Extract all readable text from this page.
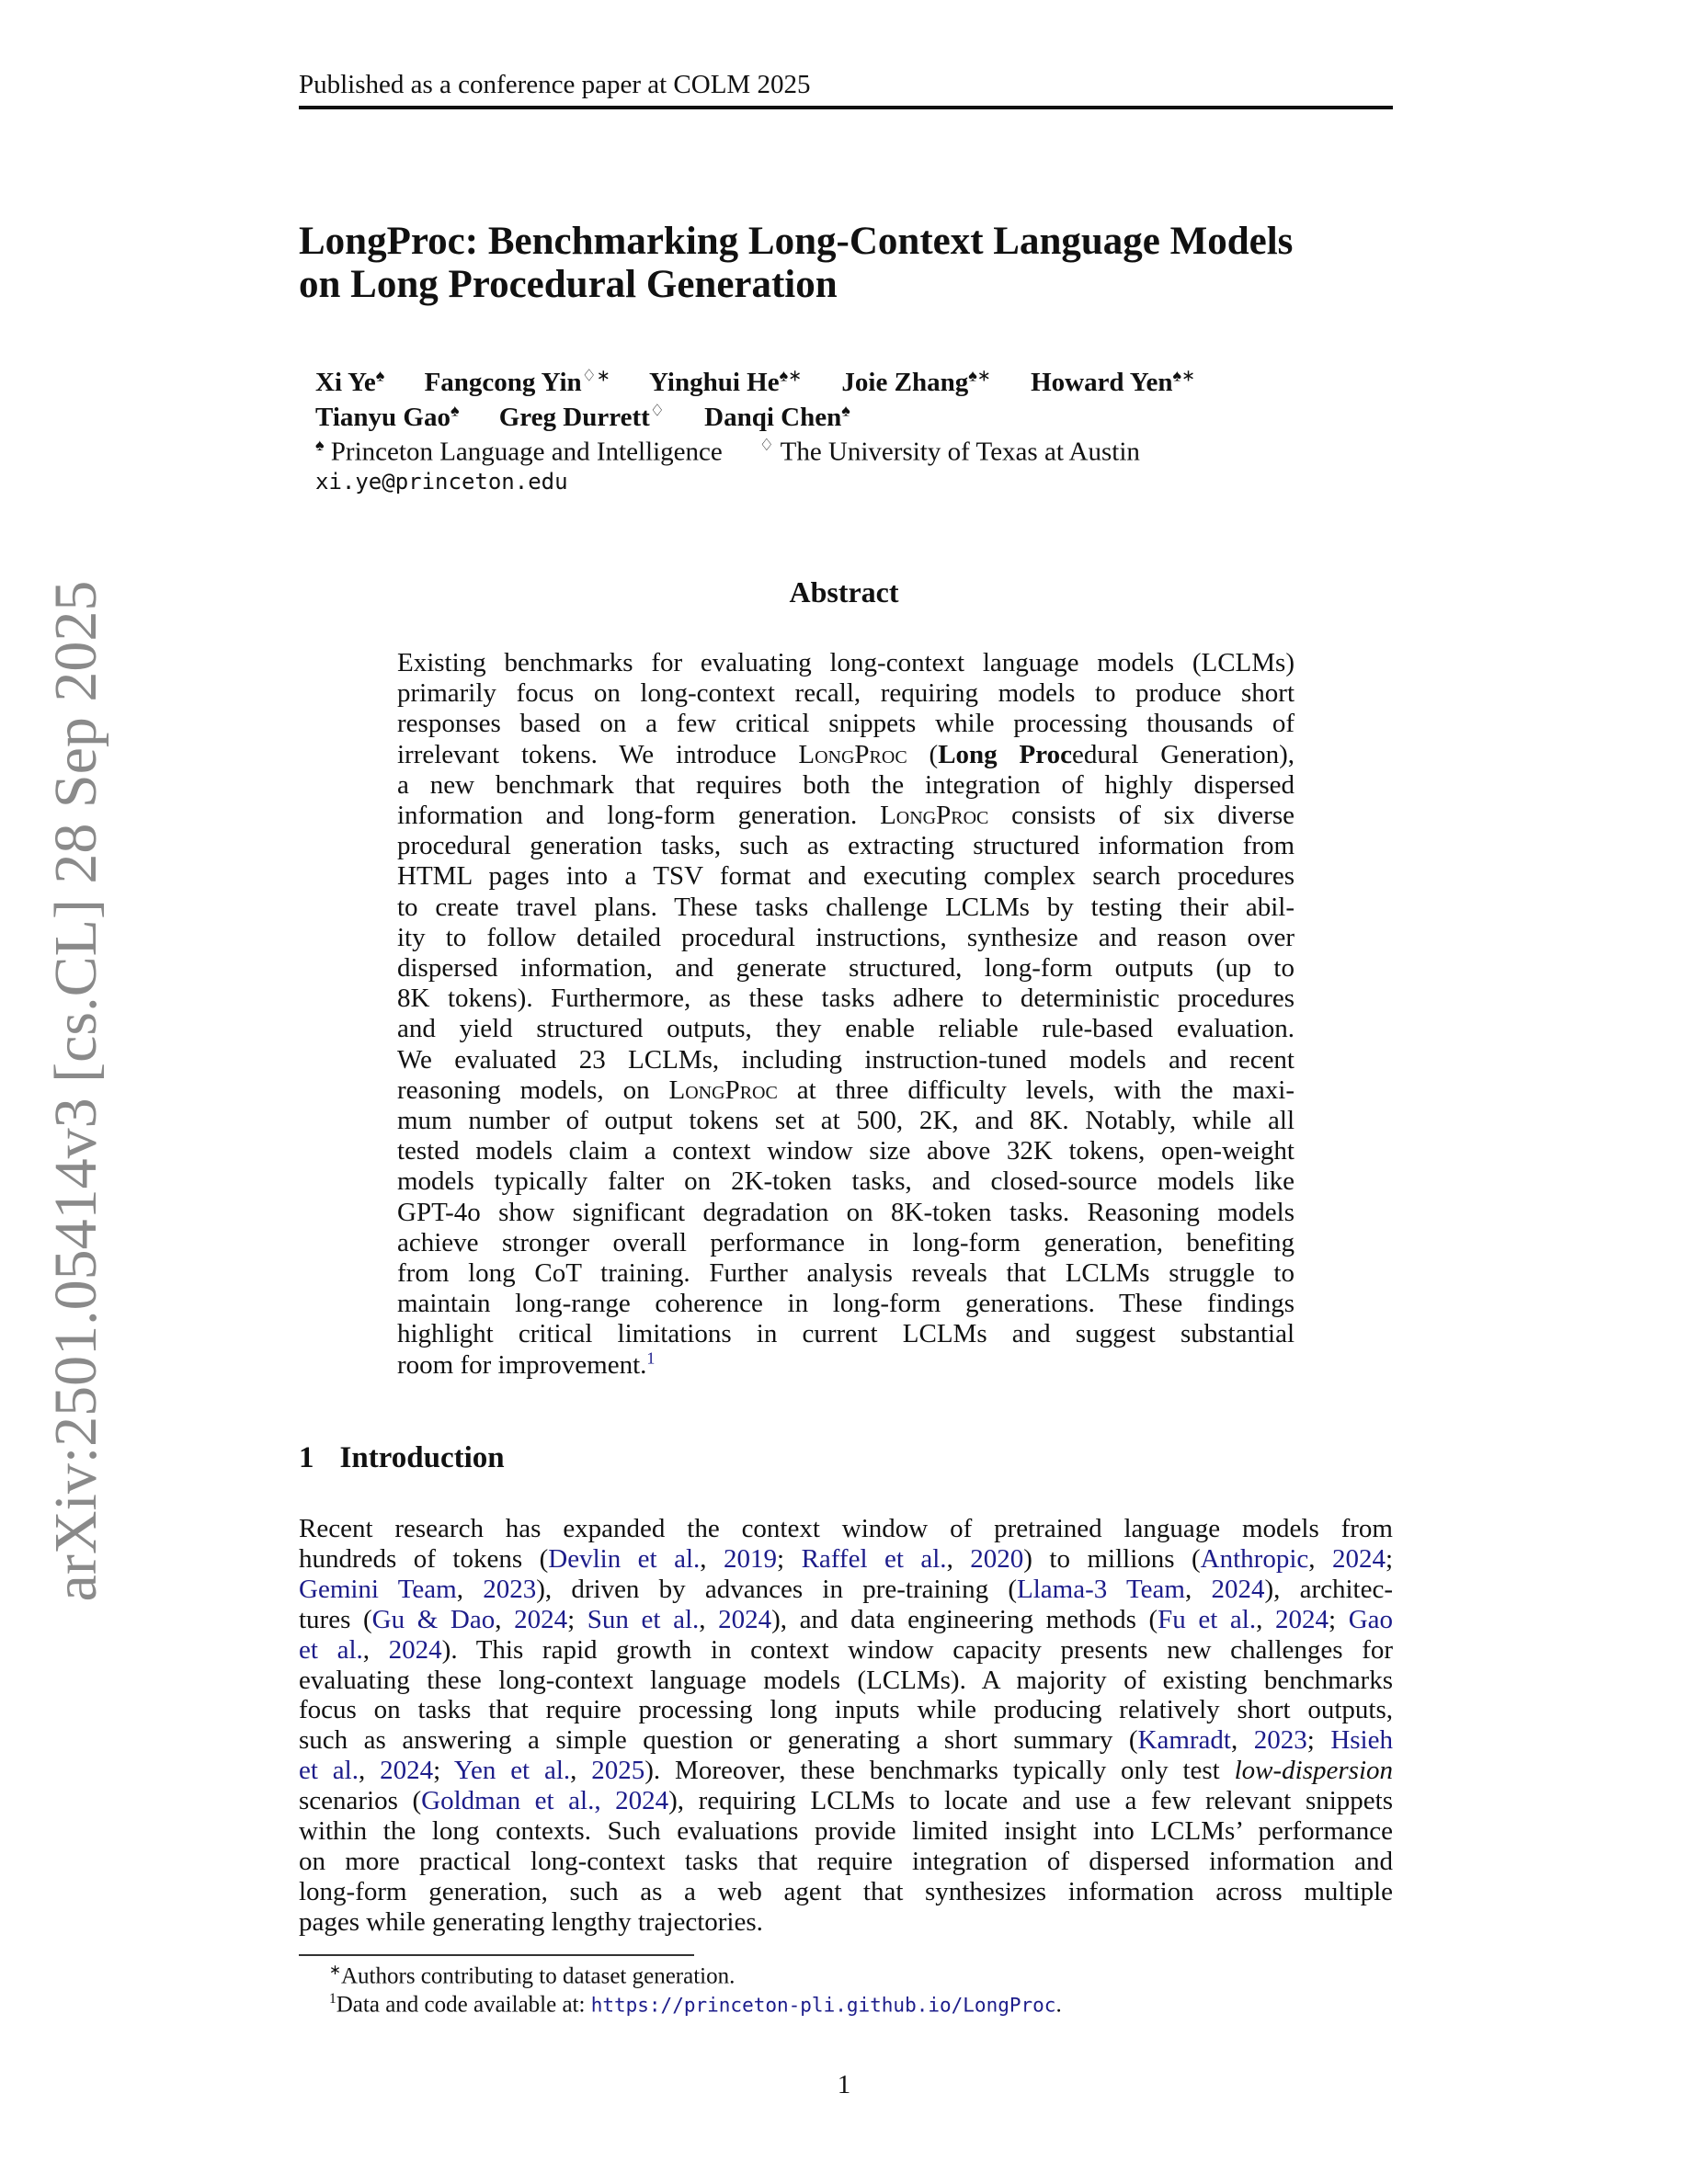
Published as a conference paper at COLM 2025
LongProc: Benchmarking Long-Context Language Models
on Long Procedural Generation
Xi Ye♠ Fangcong Yin♢∗ Yinghui He♠∗ Joie Zhang♠∗ Howard Yen♠∗
Tianyu Gao♠ Greg Durrett♢ Danqi Chen♠
♠ Princeton Language and Intelligence ♢ The University of Texas at Austin
xi.ye@princeton.edu
Abstract
Existing benchmarks for evaluating long-context language models (LCLMs)
primarily focus on long-context recall, requiring models to produce short
responses based on a few critical snippets while processing thousands of
irrelevant tokens. We introduce LongProc (Long Procedural Generation),
a new benchmark that requires both the integration of highly dispersed
information and long-form generation. LongProc consists of six diverse
procedural generation tasks, such as extracting structured information from
HTML pages into a TSV format and executing complex search procedures
to create travel plans. These tasks challenge LCLMs by testing their abil-
ity to follow detailed procedural instructions, synthesize and reason over
dispersed information, and generate structured, long-form outputs (up to
8K tokens). Furthermore, as these tasks adhere to deterministic procedures
and yield structured outputs, they enable reliable rule-based evaluation.
We evaluated 23 LCLMs, including instruction-tuned models and recent
reasoning models, on LongProc at three difficulty levels, with the maxi-
mum number of output tokens set at 500, 2K, and 8K. Notably, while all
tested models claim a context window size above 32K tokens, open-weight
models typically falter on 2K-token tasks, and closed-source models like
GPT-4o show significant degradation on 8K-token tasks. Reasoning models
achieve stronger overall performance in long-form generation, benefiting
from long CoT training. Further analysis reveals that LCLMs struggle to
maintain long-range coherence in long-form generations. These findings
highlight critical limitations in current LCLMs and suggest substantial
room for improvement.$^1$
1 Introduction
Recent research has expanded the context window of pretrained language models from
hundreds of tokens (Devlin et al., 2019; Raffel et al., 2020) to millions (Anthropic, 2024;
Gemini Team, 2023), driven by advances in pre-training (Llama-3 Team, 2024), architec-
tures (Gu & Dao, 2024; Sun et al., 2024), and data engineering methods (Fu et al., 2024; Gao
et al., 2024). This rapid growth in context window capacity presents new challenges for
evaluating these long-context language models (LCLMs). A majority of existing benchmarks
focus on tasks that require processing long inputs while producing relatively short outputs,
such as answering a simple question or generating a short summary (Kamradt, 2023; Hsieh
et al., 2024; Yen et al., 2025). Moreover, these benchmarks typically only test low-dispersion
scenarios (Goldman et al., 2024), requiring LCLMs to locate and use a few relevant snippets
within the long contexts. Such evaluations provide limited insight into LCLMs’ performance
on more practical long-context tasks that require integration of dispersed information and
long-form generation, such as a web agent that synthesizes information across multiple
pages while generating lengthy trajectories.
∗Authors contributing to dataset generation.
$^1$Data and code available at: https://princeton-pli.github.io/LongProc.
1
arXiv:2501.05414v3 [cs.CL] 28 Sep 2025
